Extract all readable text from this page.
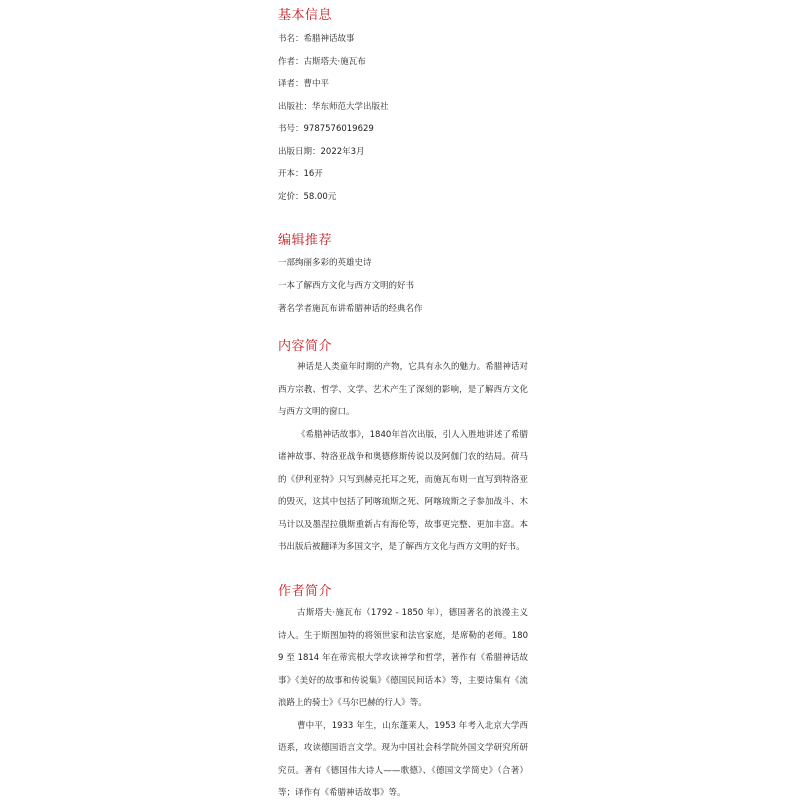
基本信息

书名：希腊神话故事

作者：古斯塔夫·施瓦布

译者：曹中平

出版社：华东师范大学出版社

书号：9787576019629

出版日期：2022年3月

开本：16开

定价：58.00元

编辑推荐

一部绚丽多彩的英雄史诗

一本了解西方文化与西方文明的好书

著名学者施瓦布讲希腊神话的经典名作

内容简介

神话是人类童年时期的产物，它具有永久的魅力。希腊神话对西方宗教、哲学、文学、艺术产生了深刻的影响，是了解西方文化与西方文明的窗口。

《希腊神话故事》，1840年首次出版，引人入胜地讲述了希腊诸神故事、特洛亚战争和奥德修斯传说以及阿伽门农的结局。荷马的《伊利亚特》只写到赫克托耳之死，而施瓦布则一直写到特洛亚的毁灭，这其中包括了阿喀琉斯之死、阿喀琉斯之子参加战斗、木马计以及墨涅拉俄斯重新占有海伦等，故事更完整、更加丰富。本书出版后被翻译为多国文字，是了解西方文化与西方文明的好书。

作者简介

古斯塔夫·施瓦布（1792 - 1850 年），德国著名的浪漫主义诗人。生于斯图加特的将领世家和法官家庭，是席勒的老师。1809 至 1814 年在蒂宾根大学攻读神学和哲学，著作有《希腊神话故事》《美好的故事和传说集》《德国民间话本》等，主要诗集有《流浪路上的骑士》《马尔巴赫的行人》等。

曹中平，1933 年生，山东蓬莱人，1953 年考入北京大学西语系，攻读德国语言文学。现为中国社会科学院外国文学研究所研究员。著有《德国伟大诗人——歌德》、《德国文学简史》（合著）等；译作有《希腊神话故事》等。
